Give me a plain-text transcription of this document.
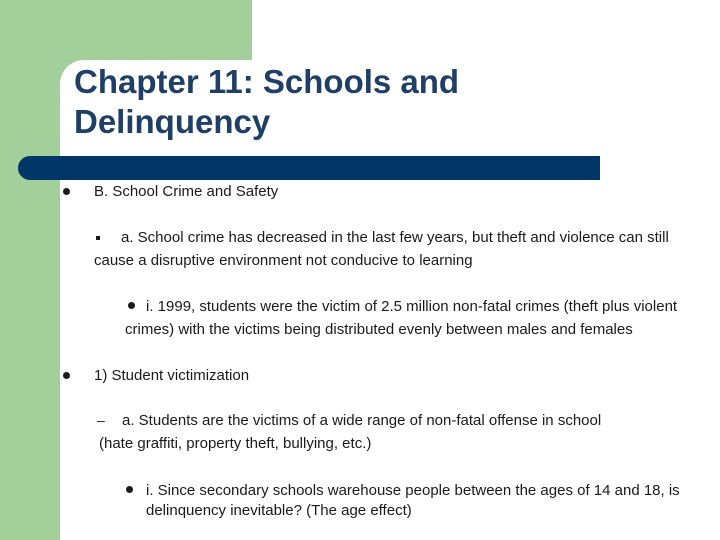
Chapter 11: Schools and Delinquency
B. School Crime and Safety
a. School crime has decreased in the last few years, but theft and violence can still
cause a disruptive environment not conducive to learning
i. 1999, students were the victim of 2.5 million non-fatal crimes (theft plus violent
crimes) with the victims being distributed evenly between males and females
1) Student victimization
– a. Students are the victims of a wide range of non-fatal offense in school
(hate graffiti, property theft, bullying, etc.)
i. Since secondary schools warehouse people between the ages of 14 and 18, is
delinquency inevitable? (The age effect)
